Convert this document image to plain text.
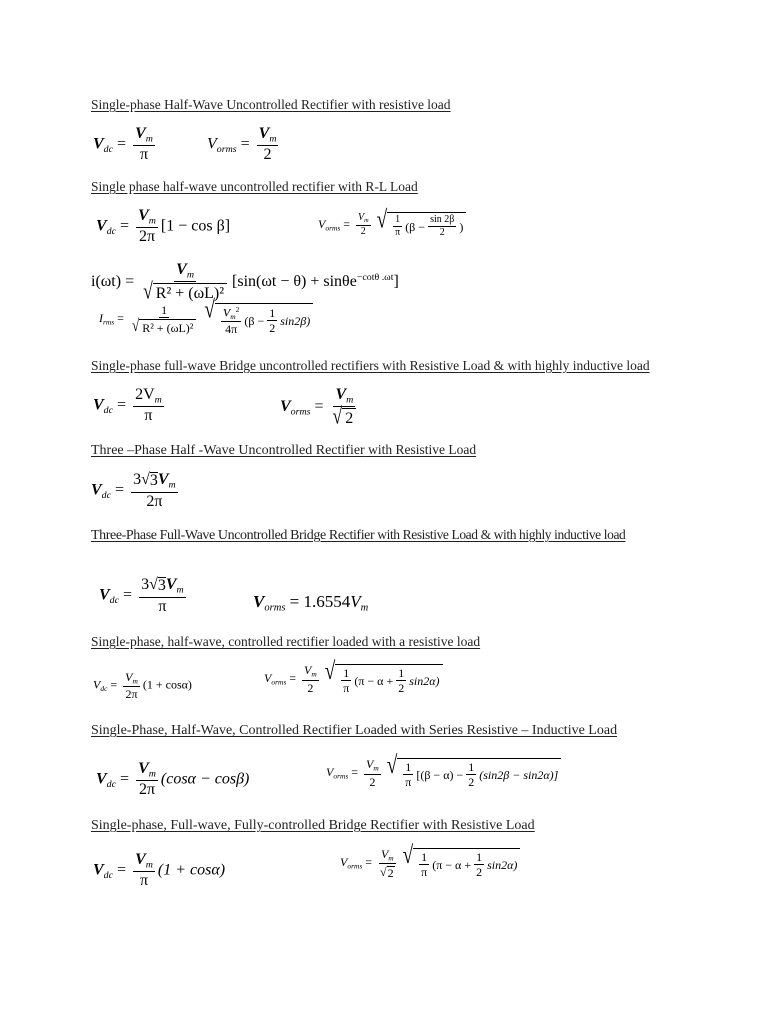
Single-phase Half-Wave Uncontrolled Rectifier with resistive load
$V_{dc} = \frac{V_m}{\pi}$	$V_{orms} = \frac{V_m}{2}$
Single phase half-wave uncontrolled rectifier with R-L Load
$V_{dc} = \frac{V_m}{2\pi} [1 - \cos \beta]$	$V_{orms} = \frac{V_m}{2}$
√ $\frac{1}{\pi} (\beta - \frac{\sin 2\beta}{2}$ )
$i(\omega t) = \frac{V_m}{\text{√ R² + (ωL)²}} [\sin(\omega t - \theta) + \sin\theta e^{-cot\theta .\omega t}]$
$I_{rms} = \frac{1}{\text{√ R² + (ωL)²}}$
√ $\frac{V_m^2}{4\pi} (\beta - \frac{1}{2} \sin 2\beta)$
Single-phase full-wave Bridge uncontrolled rectifiers with Resistive Load & with highly inductive load
$V_{dc} = \frac{2V_m}{\pi}$	$V_{orms} = \frac{V_m}{√ 2}$
Three –Phase Half -Wave Uncontrolled Rectifier with Resistive Load
$V_{dc} = \frac{3 √ 3 V_m}{2\pi}$
Three-Phase Full-Wave Uncontrolled Bridge Rectifier with Resistive Load & with highly inductive load
$V_{dc} = \frac{3 √ 3 V_m}{\pi}$	$V_{orms} = 1.6554V_m$
Single-phase, half-wave, controlled rectifier loaded with a resistive load
$V_{dc} = \frac{V_m}{2\pi} (1 + \cos\alpha)$	$V_{orms} = \frac{V_m}{2}$
√ $\frac{1}{\pi} (\pi - \alpha + \frac{1}{2} \sin 2\alpha)$
Single-Phase, Half-Wave, Controlled Rectifier Loaded with Series Resistive – Inductive Load
$V_{dc} = \frac{V_m}{2\pi} (\cos\alpha - \cos\beta)$	$V_{orms} = \frac{V_m}{2}$
√ $\frac{1}{\pi} [(\beta - \alpha) - \frac{1}{2} (\sin 2\beta - \sin 2\alpha)]$
Single-phase, Full-wave, Fully-controlled Bridge Rectifier with Resistive Load
$V_{dc} = \frac{V_m}{\pi} (1 + \cos\alpha)$	$V_{orms} = \frac{V_m}{√ 2}$
√ $\frac{1}{\pi} (\pi - \alpha + \frac{1}{2} \sin 2\alpha)$
